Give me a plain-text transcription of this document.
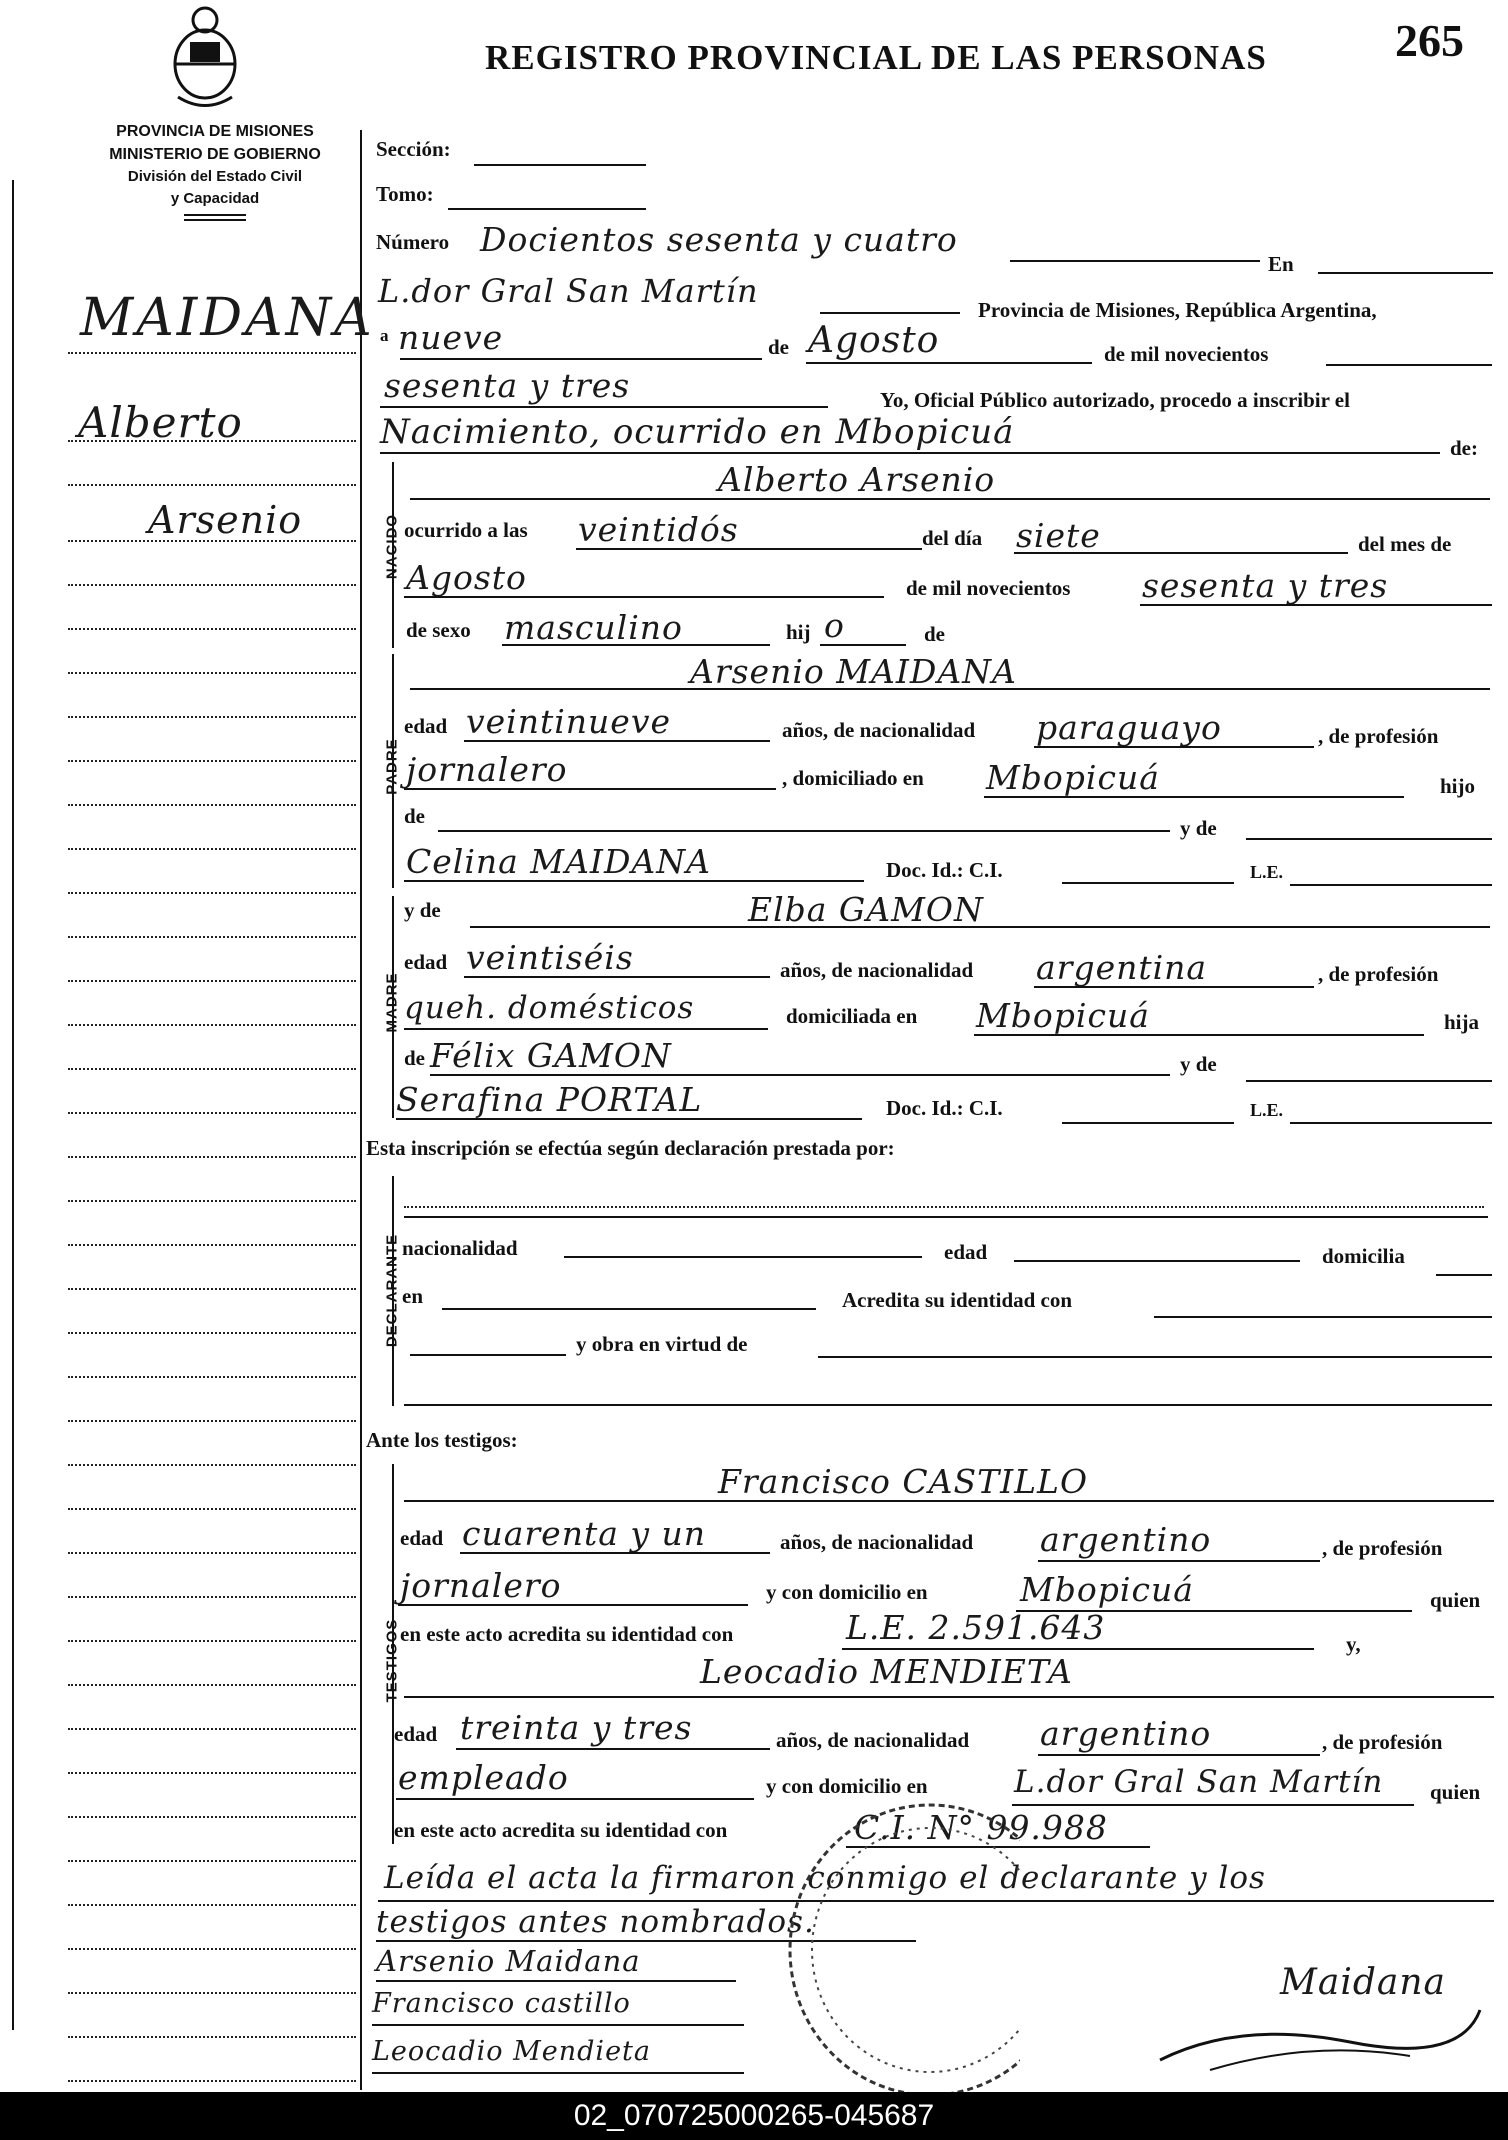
PROVINCIA DE MISIONES
MINISTERIO DE GOBIERNO
División del Estado Civil
y Capacidad
REGISTRO PROVINCIAL DE LAS PERSONAS	265
MAIDANA
Alberto
Arsenio
Sección:
Tomo:
Número Docientos sesenta y cuatro
En
L.dor Gral San Martín	Provincia de Misiones, República Argentina,
a nueve	de Agosto	de mil novecientos
sesenta y tres	Yo, Oficial Público autorizado, procedo a inscribir el
Nacimiento, ocurrido en Mbopicuá	de:
NACIDO
Alberto Arsenio
ocurrido a las veintidós	del día siete	del mes de
Agosto	de mil novecientos sesenta y tres
de sexo masculino	hij o	de
PADRE
Arsenio MAIDANA
edad veintinueve	años, de nacionalidad paraguayo	, de profesión
jornalero	, domiciliado en Mbopicuá	hijo
de	y de
Celina MAIDANA	Doc. Id.: C.I.	L.E.
MADRE
y de	Elba GAMON
edad veintiséis	años, de nacionalidad argentina	, de profesión
queh. domésticos	domiciliada en Mbopicuá	hija
de Félix GAMON	y de
Serafina PORTAL	Doc. Id.: C.I.	L.E.
Esta inscripción se efectúa según declaración prestada por:
DECLARANTE nacionalidad	edad	domicilia
en	Acredita su identidad con
y obra en virtud de
Ante los testigos:
TESTIGOS
Francisco CASTILLO
edad cuarenta y un	años, de nacionalidad argentino	, de profesión
jornalero	y con domicilio en	Mbopicuá	quien
en este acto acredita su identidad con	L.E. 2.591.643	y,
Leocadio MENDIETA
edad treinta y tres	años, de nacionalidad argentino	, de profesión
empleado	y con domicilio en	L.dor Gral San Martín quien
en este acto acredita su identidad con	C.I. N° 99.988
Leída el acta la firmaron conmigo el declarante y los
testigos antes nombrados.
Arsenio Maidana
Francisco castillo
Leocadio Mendieta
Maidana
02_070725000265-045687
